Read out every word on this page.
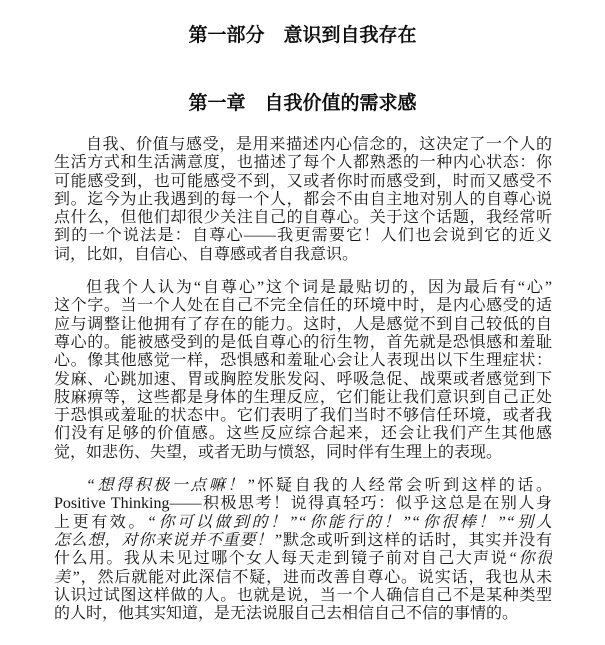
第一部分　意识到自我存在
第一章　自我价值的需求感
自我、价值与感受，是用来描述内心信念的，这决定了一个人的
生活方式和生活满意度，也描述了每个人都熟悉的一种内心状态：你
可能感受到，也可能感受不到，又或者你时而感受到，时而又感受不
到。迄今为止我遇到的每一个人，都会不由自主地对别人的自尊心说
点什么，但他们却很少关注自己的自尊心。关于这个话题，我经常听
到的一个说法是：自尊心——我更需要它！人们也会说到它的近义
词，比如，自信心、自尊感或者自我意识。
但我个人认为“自尊心”这个词是最贴切的，因为最后有“心”
这个字。当一个人处在自己不完全信任的环境中时，是内心感受的适
应与调整让他拥有了存在的能力。这时，人是感觉不到自己较低的自
尊心的。能被感受到的是低自尊心的衍生物，首先就是恐惧感和羞耻
心。像其他感觉一样，恐惧感和羞耻心会让人表现出以下生理症状：
发麻、心跳加速、胃或胸腔发胀发闷、呼吸急促、战栗或者感觉到下
肢麻痹等，这些都是身体的生理反应，它们能让我们意识到自己正处
于恐惧或羞耻的状态中。它们表明了我们当时不够信任环境，或者我
们没有足够的价值感。这些反应综合起来，还会让我们产生其他感
觉，如悲伤、失望，或者无助与愤怒，同时伴有生理上的表现。
“想得积极一点嘛！”怀疑自我的人经常会听到这样的话。
Positive Thinking——积极思考！说得真轻巧：似乎这总是在别人身
上更有效。“你可以做到的！”“你能行的！”“你很棒！”“别人
怎么想，对你来说并不重要！”默念或听到这样的话时，其实并没有
什么用。我从未见过哪个女人每天走到镜子前对自己大声说“你很
美”，然后就能对此深信不疑，进而改善自尊心。说实话，我也从未
认识过试图这样做的人。也就是说，当一个人确信自己不是某种类型
的人时，他其实知道，是无法说服自己去相信自己不信的事情的。
